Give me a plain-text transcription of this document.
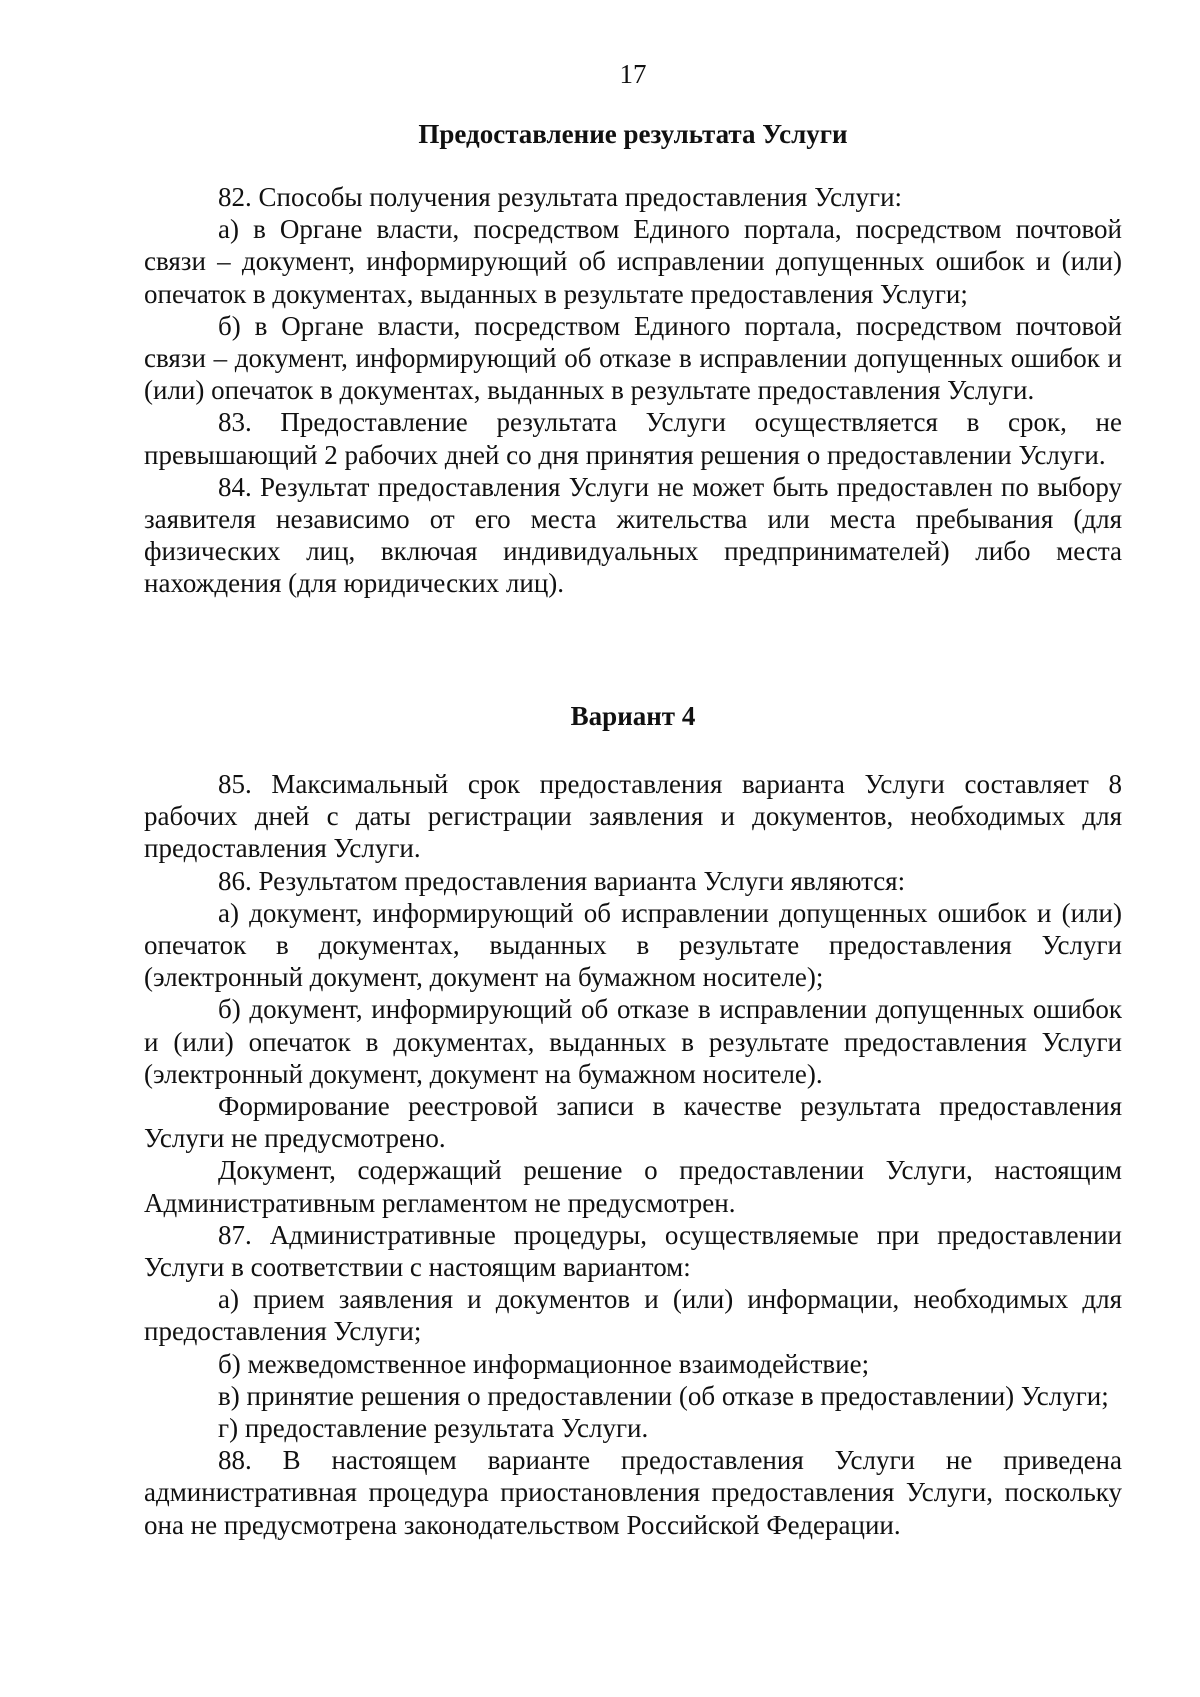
17
Предоставление результата Услуги

82. Способы получения результата предоставления Услуги:

а) в Органе власти, посредством Единого портала, посредством почтовой связи – документ, информирующий об исправлении допущенных ошибок и (или) опечаток в документах, выданных в результате предоставления Услуги;

б) в Органе власти, посредством Единого портала, посредством почтовой связи – документ, информирующий об отказе в исправлении допущенных ошибок и (или) опечаток в документах, выданных в результате предоставления Услуги.

83. Предоставление результата Услуги осуществляется в срок, не превышающий 2 рабочих дней со дня принятия решения о предоставлении Услуги.

84. Результат предоставления Услуги не может быть предоставлен по выбору заявителя независимо от его места жительства или места пребывания (для физических лиц, включая индивидуальных предпринимателей) либо места нахождения (для юридических лиц).

Вариант 4

85. Максимальный срок предоставления варианта Услуги составляет 8 рабочих дней с даты регистрации заявления и документов, необходимых для предоставления Услуги.

86. Результатом предоставления варианта Услуги являются:

а) документ, информирующий об исправлении допущенных ошибок и (или) опечаток в документах, выданных в результате предоставления Услуги (электронный документ, документ на бумажном носителе);

б) документ, информирующий об отказе в исправлении допущенных ошибок и (или) опечаток в документах, выданных в результате предоставления Услуги (электронный документ, документ на бумажном носителе).

Формирование реестровой записи в качестве результата предоставления Услуги не предусмотрено.

Документ, содержащий решение о предоставлении Услуги, настоящим Административным регламентом не предусмотрен.

87. Административные процедуры, осуществляемые при предоставлении Услуги в соответствии с настоящим вариантом:

а) прием заявления и документов и (или) информации, необходимых для предоставления Услуги;

б) межведомственное информационное взаимодействие;

в) принятие решения о предоставлении (об отказе в предоставлении) Услуги;

г) предоставление результата Услуги.

88. В настоящем варианте предоставления Услуги не приведена административная процедура приостановления предоставления Услуги, поскольку она не предусмотрена законодательством Российской Федерации.
